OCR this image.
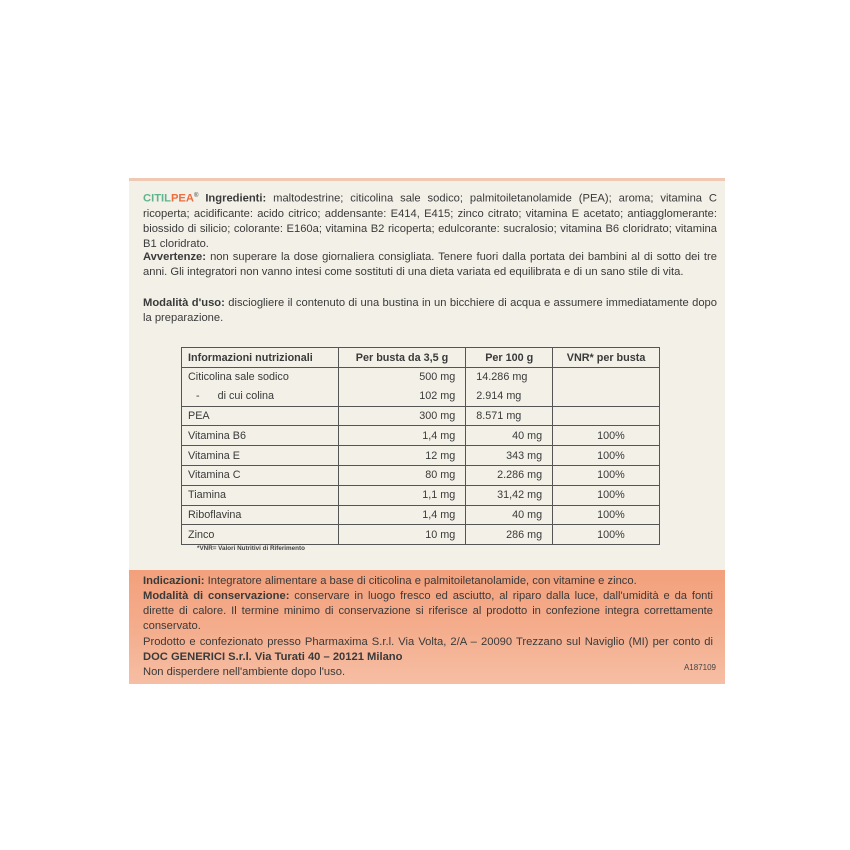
CITILPEA® Ingredienti: maltodestrine; citicolina sale sodico; palmitoiletanolamide (PEA); aroma; vitamina C ricoperta; acidificante: acido citrico; addensante: E414, E415; zinco citrato; vitamina E acetato; antiagglomerante: biossido di silicio; colorante: E160a; vitamina B2 ricoperta; edulcorante: sucralosio; vitamina B6 cloridrato; vitamina B1 cloridrato.

Avvertenze: non superare la dose giornaliera consigliata. Tenere fuori dalla portata dei bambini al di sotto dei tre anni. Gli integratori non vanno intesi come sostituti di una dieta variata ed equilibrata e di un sano stile di vita.

Modalità d'uso: disciogliere il contenuto di una bustina in un bicchiere di acqua e assumere immediatamente dopo la preparazione.

Informazioni nutrizionali	Per busta da 3,5 g	Per 100 g	VNR* per busta
Citicolina sale sodico	500 mg	14.286 mg	
-      di cui colina	102 mg	2.914 mg	
PEA	300 mg	8.571 mg	
Vitamina B6	1,4 mg	40 mg	100%
Vitamina E	12 mg	343 mg	100%
Vitamina C	80 mg	2.286 mg	100%
Tiamina	1,1 mg	31,42 mg	100%
Riboflavina	1,4 mg	40 mg	100%
Zinco	10 mg	286 mg	100%
*VNR= Valori Nutritivi di Riferimento

Indicazioni: Integratore alimentare a base di citicolina e palmitoiletanolamide, con vitamine e zinco.

Modalità di conservazione: conservare in luogo fresco ed asciutto, al riparo dalla luce, dall'umidità e da fonti dirette di calore. Il termine minimo di conservazione si riferisce al prodotto in confezione integra correttamente conservato.

Prodotto e confezionato presso Pharmaxima S.r.l. Via Volta, 2/A – 20090 Trezzano sul Naviglio (MI) per conto di DOC GENERICI S.r.l. Via Turati 40 – 20121 Milano

Non disperdere nell'ambiente dopo l'uso.	A187109
